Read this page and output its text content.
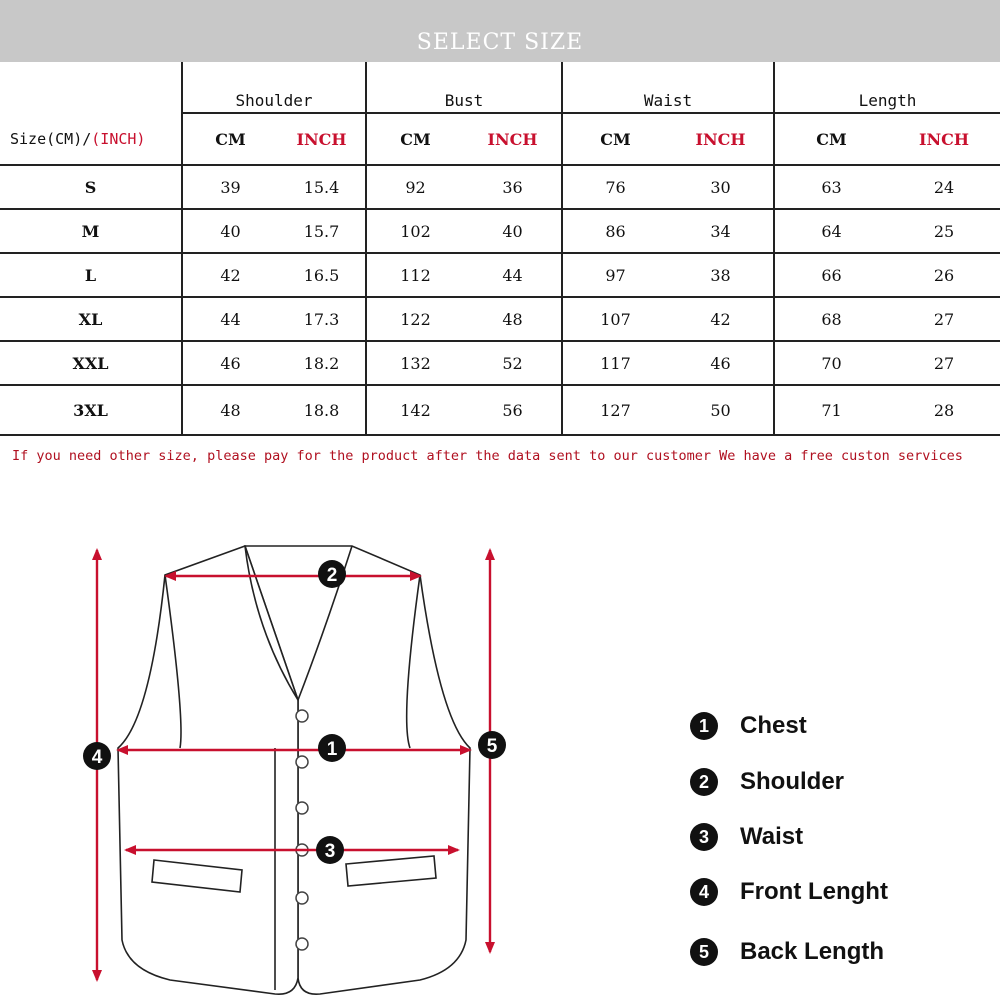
SELECT SIZE
	Shoulder		Bust		Waist		Length	
Size(CM)/(INCH)	CM	INCH	CM	INCH	CM	INCH	CM	INCH
S	39	15.4	92	36	76	30	63	24
M	40	15.7	102	40	86	34	64	25
L	42	16.5	112	44	97	38	66	26
XL	44	17.3	122	48	107	42	68	27
XXL	46	18.2	132	52	117	46	70	27
3XL	48	18.8	142	56	127	50	71	28
If you need other size, please pay for the product after the data sent to our customer We have a free custon services
2
1
3
4
5
1	Chest
2	Shoulder
3	Waist
4	Front Lenght
5	Back Length
